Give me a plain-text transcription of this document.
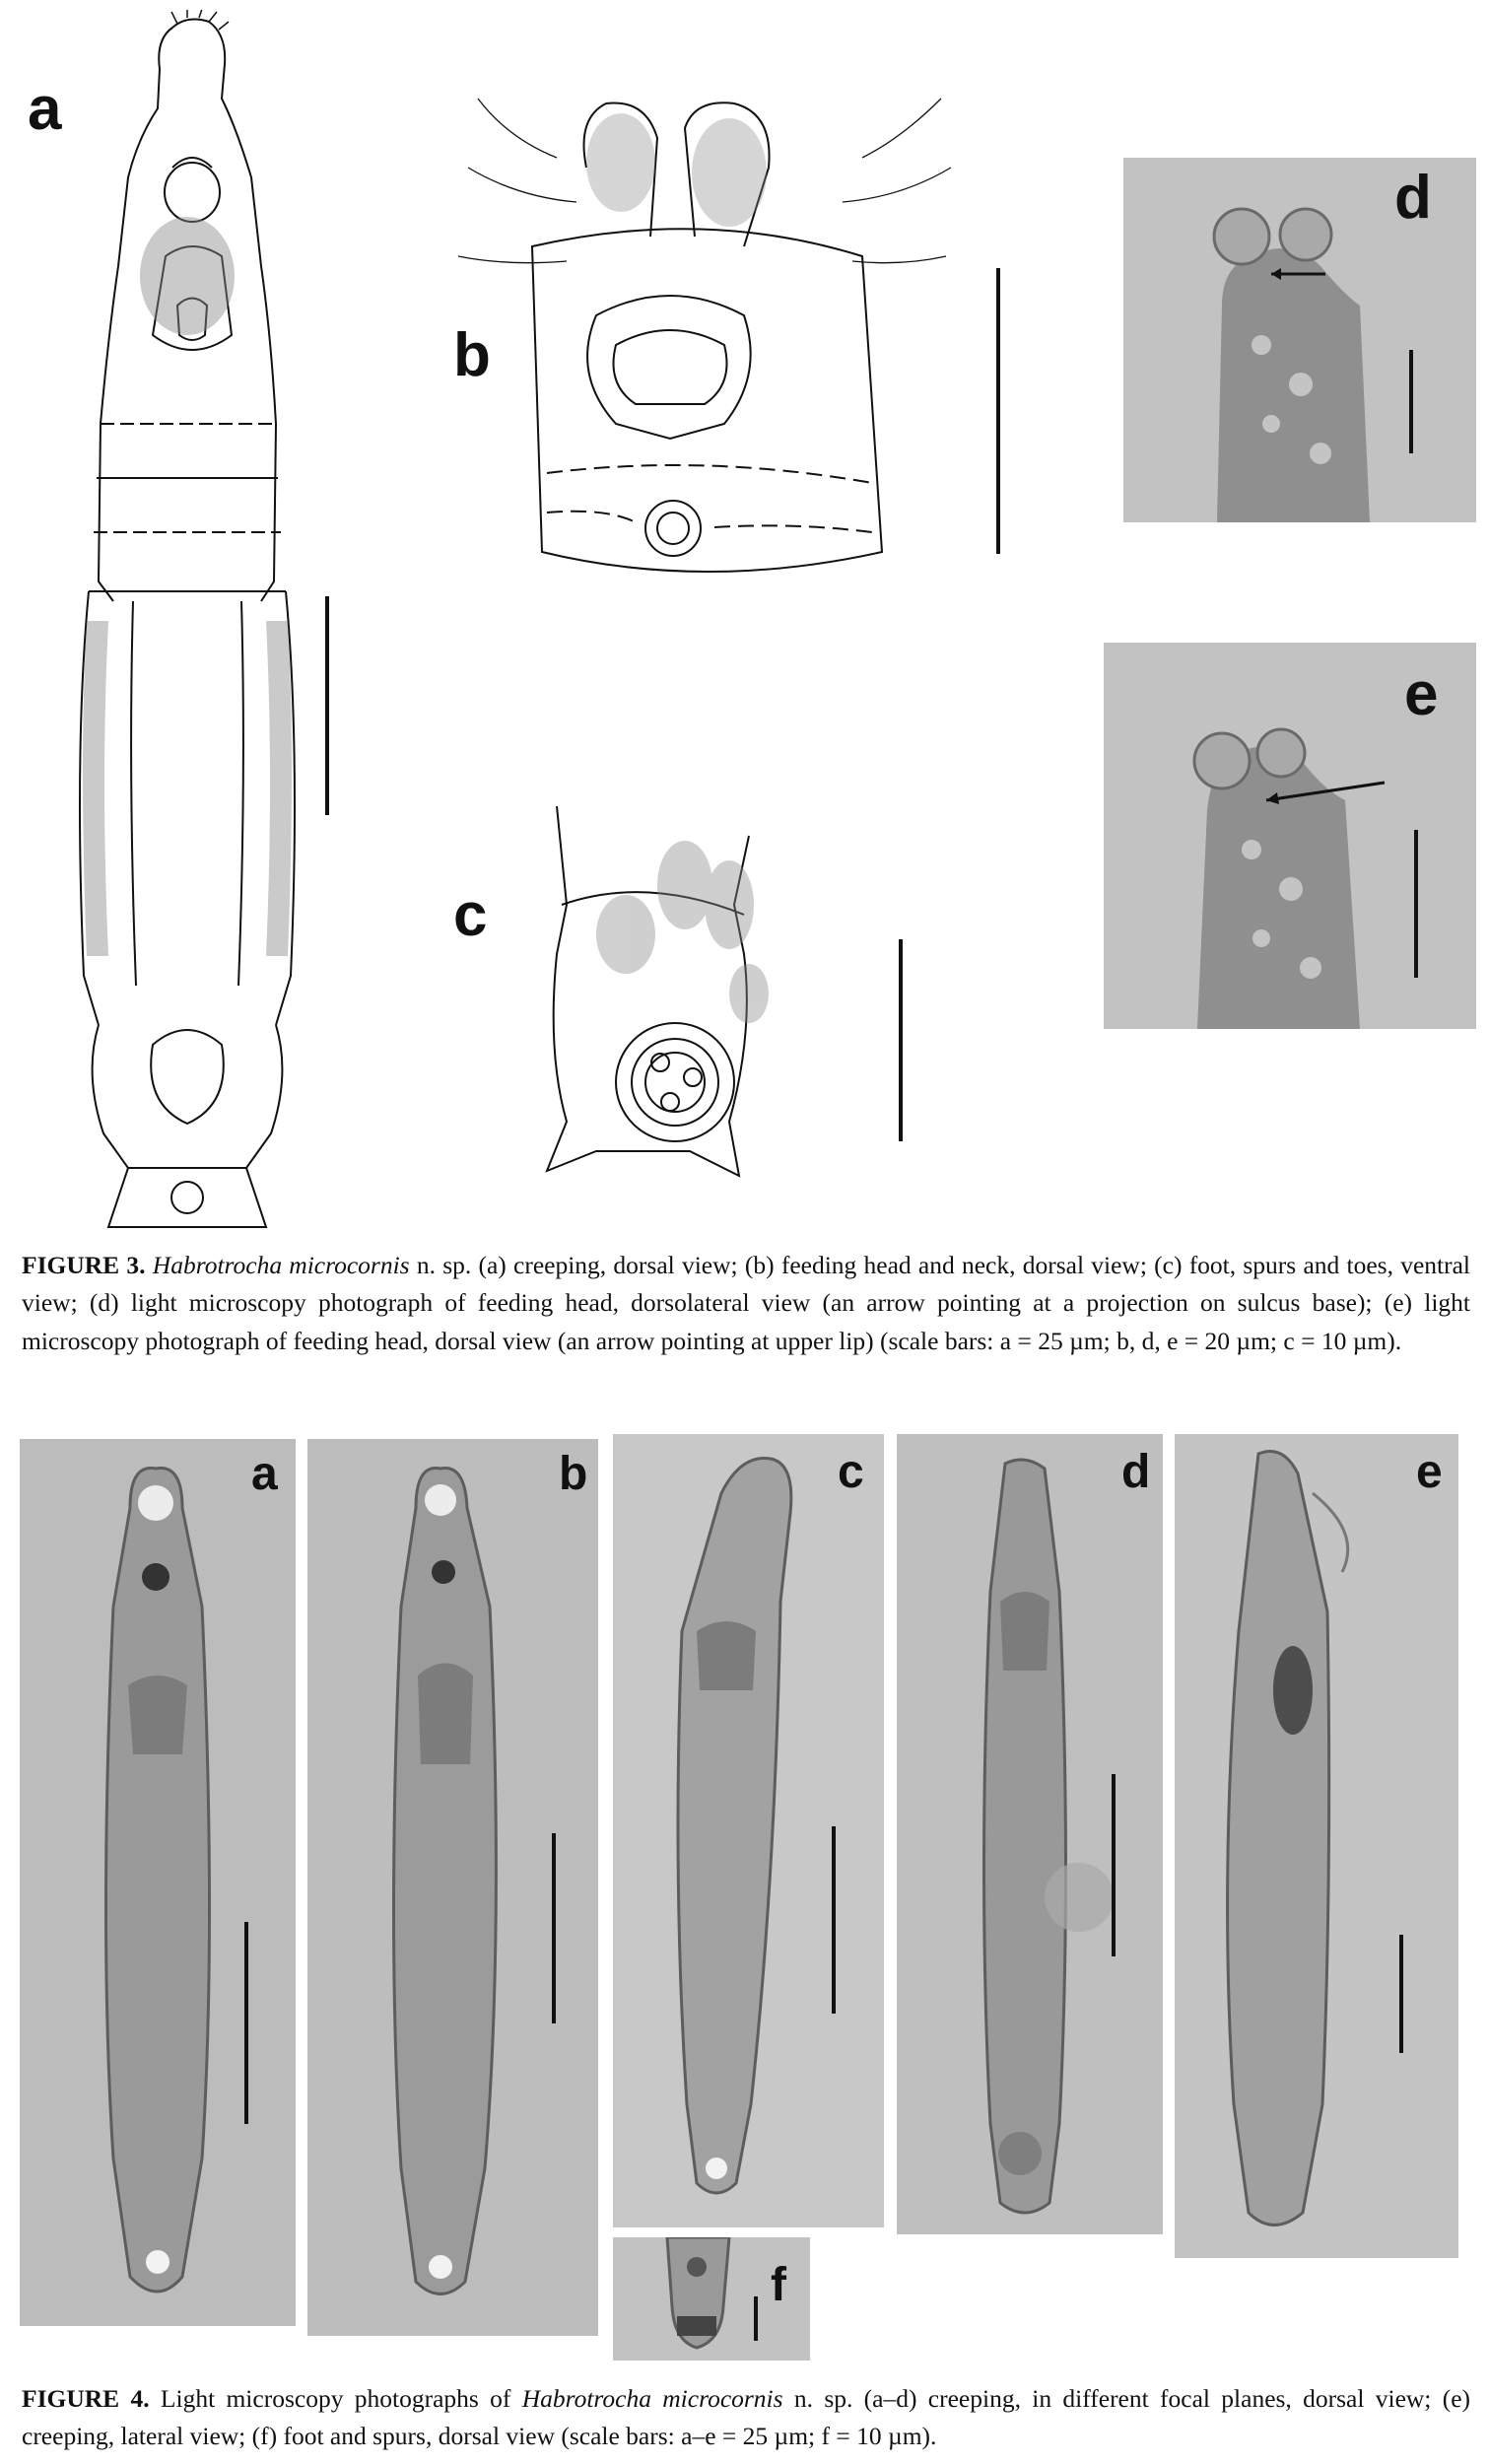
a
b
c
d
e
FIGURE 3. Habrotrocha microcornis n. sp. (a) creeping, dorsal view; (b) feeding head and neck, dorsal view; (c) foot, spurs and toes, ventral view; (d) light microscopy photograph of feeding head, dorsolateral view (an arrow pointing at a projection on sulcus base); (e) light microscopy photograph of feeding head, dorsal view (an arrow pointing at upper lip) (scale bars: a = 25 µm; b, d, e = 20 µm; c = 10 µm).
a	b	c	d	e
f
FIGURE 4. Light microscopy photographs of Habrotrocha microcornis n. sp. (a–d) creeping, in different focal planes, dorsal view; (e) creeping, lateral view; (f) foot and spurs, dorsal view (scale bars: a–e = 25 µm; f = 10 µm).
